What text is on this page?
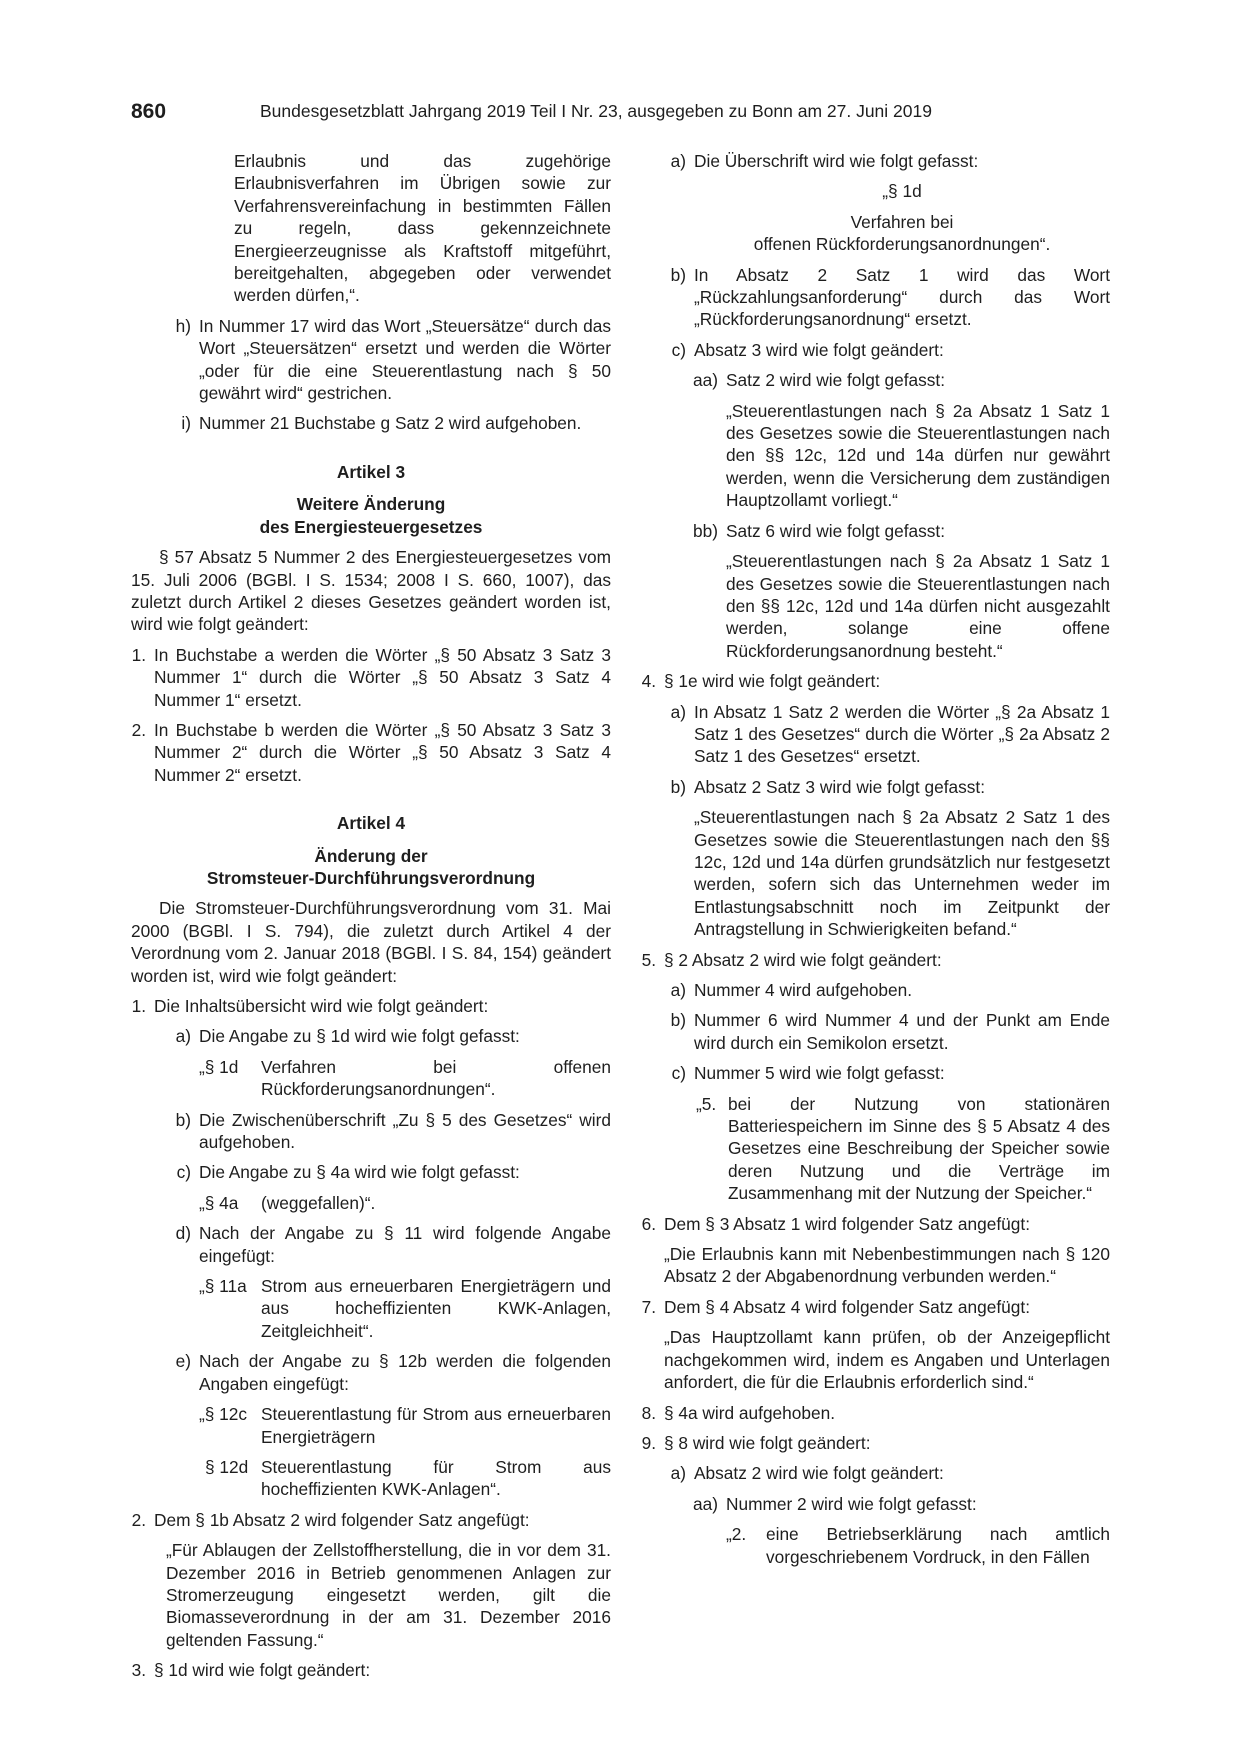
860	Bundesgesetzblatt Jahrgang 2019 Teil I Nr. 23, ausgegeben zu Bonn am 27. Juni 2019

Erlaubnis und das zugehörige Erlaubnisverfahren im Übrigen sowie zur Verfahrensvereinfachung in bestimmten Fällen zu regeln, dass gekennzeichnete Energieerzeugnisse als Kraftstoff mitgeführt, bereitgehalten, abgegeben oder verwendet werden dürfen,“.

h) In Nummer 17 wird das Wort „Steuersätze“ durch das Wort „Steuersätzen“ ersetzt und werden die Wörter „oder für die eine Steuerentlastung nach § 50 gewährt wird“ gestrichen.
i) Nummer 21 Buchstabe g Satz 2 wird aufgehoben.

Artikel 3

Weitere Änderung

des Energiesteuergesetzes

§ 57 Absatz 5 Nummer 2 des Energiesteuergesetzes vom 15. Juli 2006 (BGBl. I S. 1534; 2008 I S. 660, 1007), das zuletzt durch Artikel 2 dieses Gesetzes geändert worden ist, wird wie folgt geändert:

1. In Buchstabe a werden die Wörter „§ 50 Absatz 3 Satz 3 Nummer 1“ durch die Wörter „§ 50 Absatz 3 Satz 4 Nummer 1“ ersetzt.
2. In Buchstabe b werden die Wörter „§ 50 Absatz 3 Satz 3 Nummer 2“ durch die Wörter „§ 50 Absatz 3 Satz 4 Nummer 2“ ersetzt.

Artikel 4

Änderung der

Stromsteuer-Durchführungsverordnung

Die Stromsteuer-Durchführungsverordnung vom 31. Mai 2000 (BGBl. I S. 794), die zuletzt durch Artikel 4 der Verordnung vom 2. Januar 2018 (BGBl. I S. 84, 154) geändert worden ist, wird wie folgt geändert:

1. Die Inhaltsübersicht wird wie folgt geändert:
a) Die Angabe zu § 1d wird wie folgt gefasst:
„§ 1d	Verfahren bei offenen Rückforderungsanordnungen“.
b) Die Zwischenüberschrift „Zu § 5 des Gesetzes“ wird aufgehoben.
c) Die Angabe zu § 4a wird wie folgt gefasst:
„§ 4a	(weggefallen)“.
d) Nach der Angabe zu § 11 wird folgende Angabe eingefügt:
„§ 11a Strom aus erneuerbaren Energieträgern und aus hocheffizienten KWK-Anlagen, Zeitgleichheit“.
e) Nach der Angabe zu § 12b werden die folgenden Angaben eingefügt:
„§ 12c Steuerentlastung für Strom aus erneuerbaren Energieträgern
§ 12d Steuerentlastung für Strom aus hocheffizienten KWK-Anlagen“.
2. Dem § 1b Absatz 2 wird folgender Satz angefügt:

„Für Ablaugen der Zellstoffherstellung, die in vor dem 31. Dezember 2016 in Betrieb genommenen Anlagen zur Stromerzeugung eingesetzt werden, gilt die Biomasseverordnung in der am 31. Dezember 2016 geltenden Fassung.“

3. § 1d wird wie folgt geändert:
a) Die Überschrift wird wie folgt gefasst:

„§ 1d

Verfahren bei

offenen Rückforderungsanordnungen“.

b) In Absatz 2 Satz 1 wird das Wort „Rückzahlungsanforderung“ durch das Wort „Rückforderungsanordnung“ ersetzt.
c) Absatz 3 wird wie folgt geändert:
aa) Satz 2 wird wie folgt gefasst:

„Steuerentlastungen nach § 2a Absatz 1 Satz 1 des Gesetzes sowie die Steuerentlastungen nach den §§ 12c, 12d und 14a dürfen nur gewährt werden, wenn die Versicherung dem zuständigen Hauptzollamt vorliegt.“

bb) Satz 6 wird wie folgt gefasst:

„Steuerentlastungen nach § 2a Absatz 1 Satz 1 des Gesetzes sowie die Steuerentlastungen nach den §§ 12c, 12d und 14a dürfen nicht ausgezahlt werden, solange eine offene Rückforderungsanordnung besteht.“

4. § 1e wird wie folgt geändert:
a) In Absatz 1 Satz 2 werden die Wörter „§ 2a Absatz 1 Satz 1 des Gesetzes“ durch die Wörter „§ 2a Absatz 2 Satz 1 des Gesetzes“ ersetzt.
b) Absatz 2 Satz 3 wird wie folgt gefasst:

„Steuerentlastungen nach § 2a Absatz 2 Satz 1 des Gesetzes sowie die Steuerentlastungen nach den §§ 12c, 12d und 14a dürfen grundsätzlich nur festgesetzt werden, sofern sich das Unternehmen weder im Entlastungsabschnitt noch im Zeitpunkt der Antragstellung in Schwierigkeiten befand.“

5. § 2 Absatz 2 wird wie folgt geändert:
a) Nummer 4 wird aufgehoben.
b) Nummer 6 wird Nummer 4 und der Punkt am Ende wird durch ein Semikolon ersetzt.
c) Nummer 5 wird wie folgt gefasst:
„5. bei der Nutzung von stationären Batteriespeichern im Sinne des § 5 Absatz 4 des Gesetzes eine Beschreibung der Speicher sowie deren Nutzung und die Verträge im Zusammenhang mit der Nutzung der Speicher.“
6. Dem § 3 Absatz 1 wird folgender Satz angefügt:

„Die Erlaubnis kann mit Nebenbestimmungen nach § 120 Absatz 2 der Abgabenordnung verbunden werden.“

7. Dem § 4 Absatz 4 wird folgender Satz angefügt:

„Das Hauptzollamt kann prüfen, ob der Anzeigepflicht nachgekommen wird, indem es Angaben und Unterlagen anfordert, die für die Erlaubnis erforderlich sind.“

8. § 4a wird aufgehoben.
9. § 8 wird wie folgt geändert:
a) Absatz 2 wird wie folgt geändert:
aa) Nummer 2 wird wie folgt gefasst:
„2.	eine Betriebserklärung nach amtlich vorgeschriebenem Vordruck, in den Fällen
